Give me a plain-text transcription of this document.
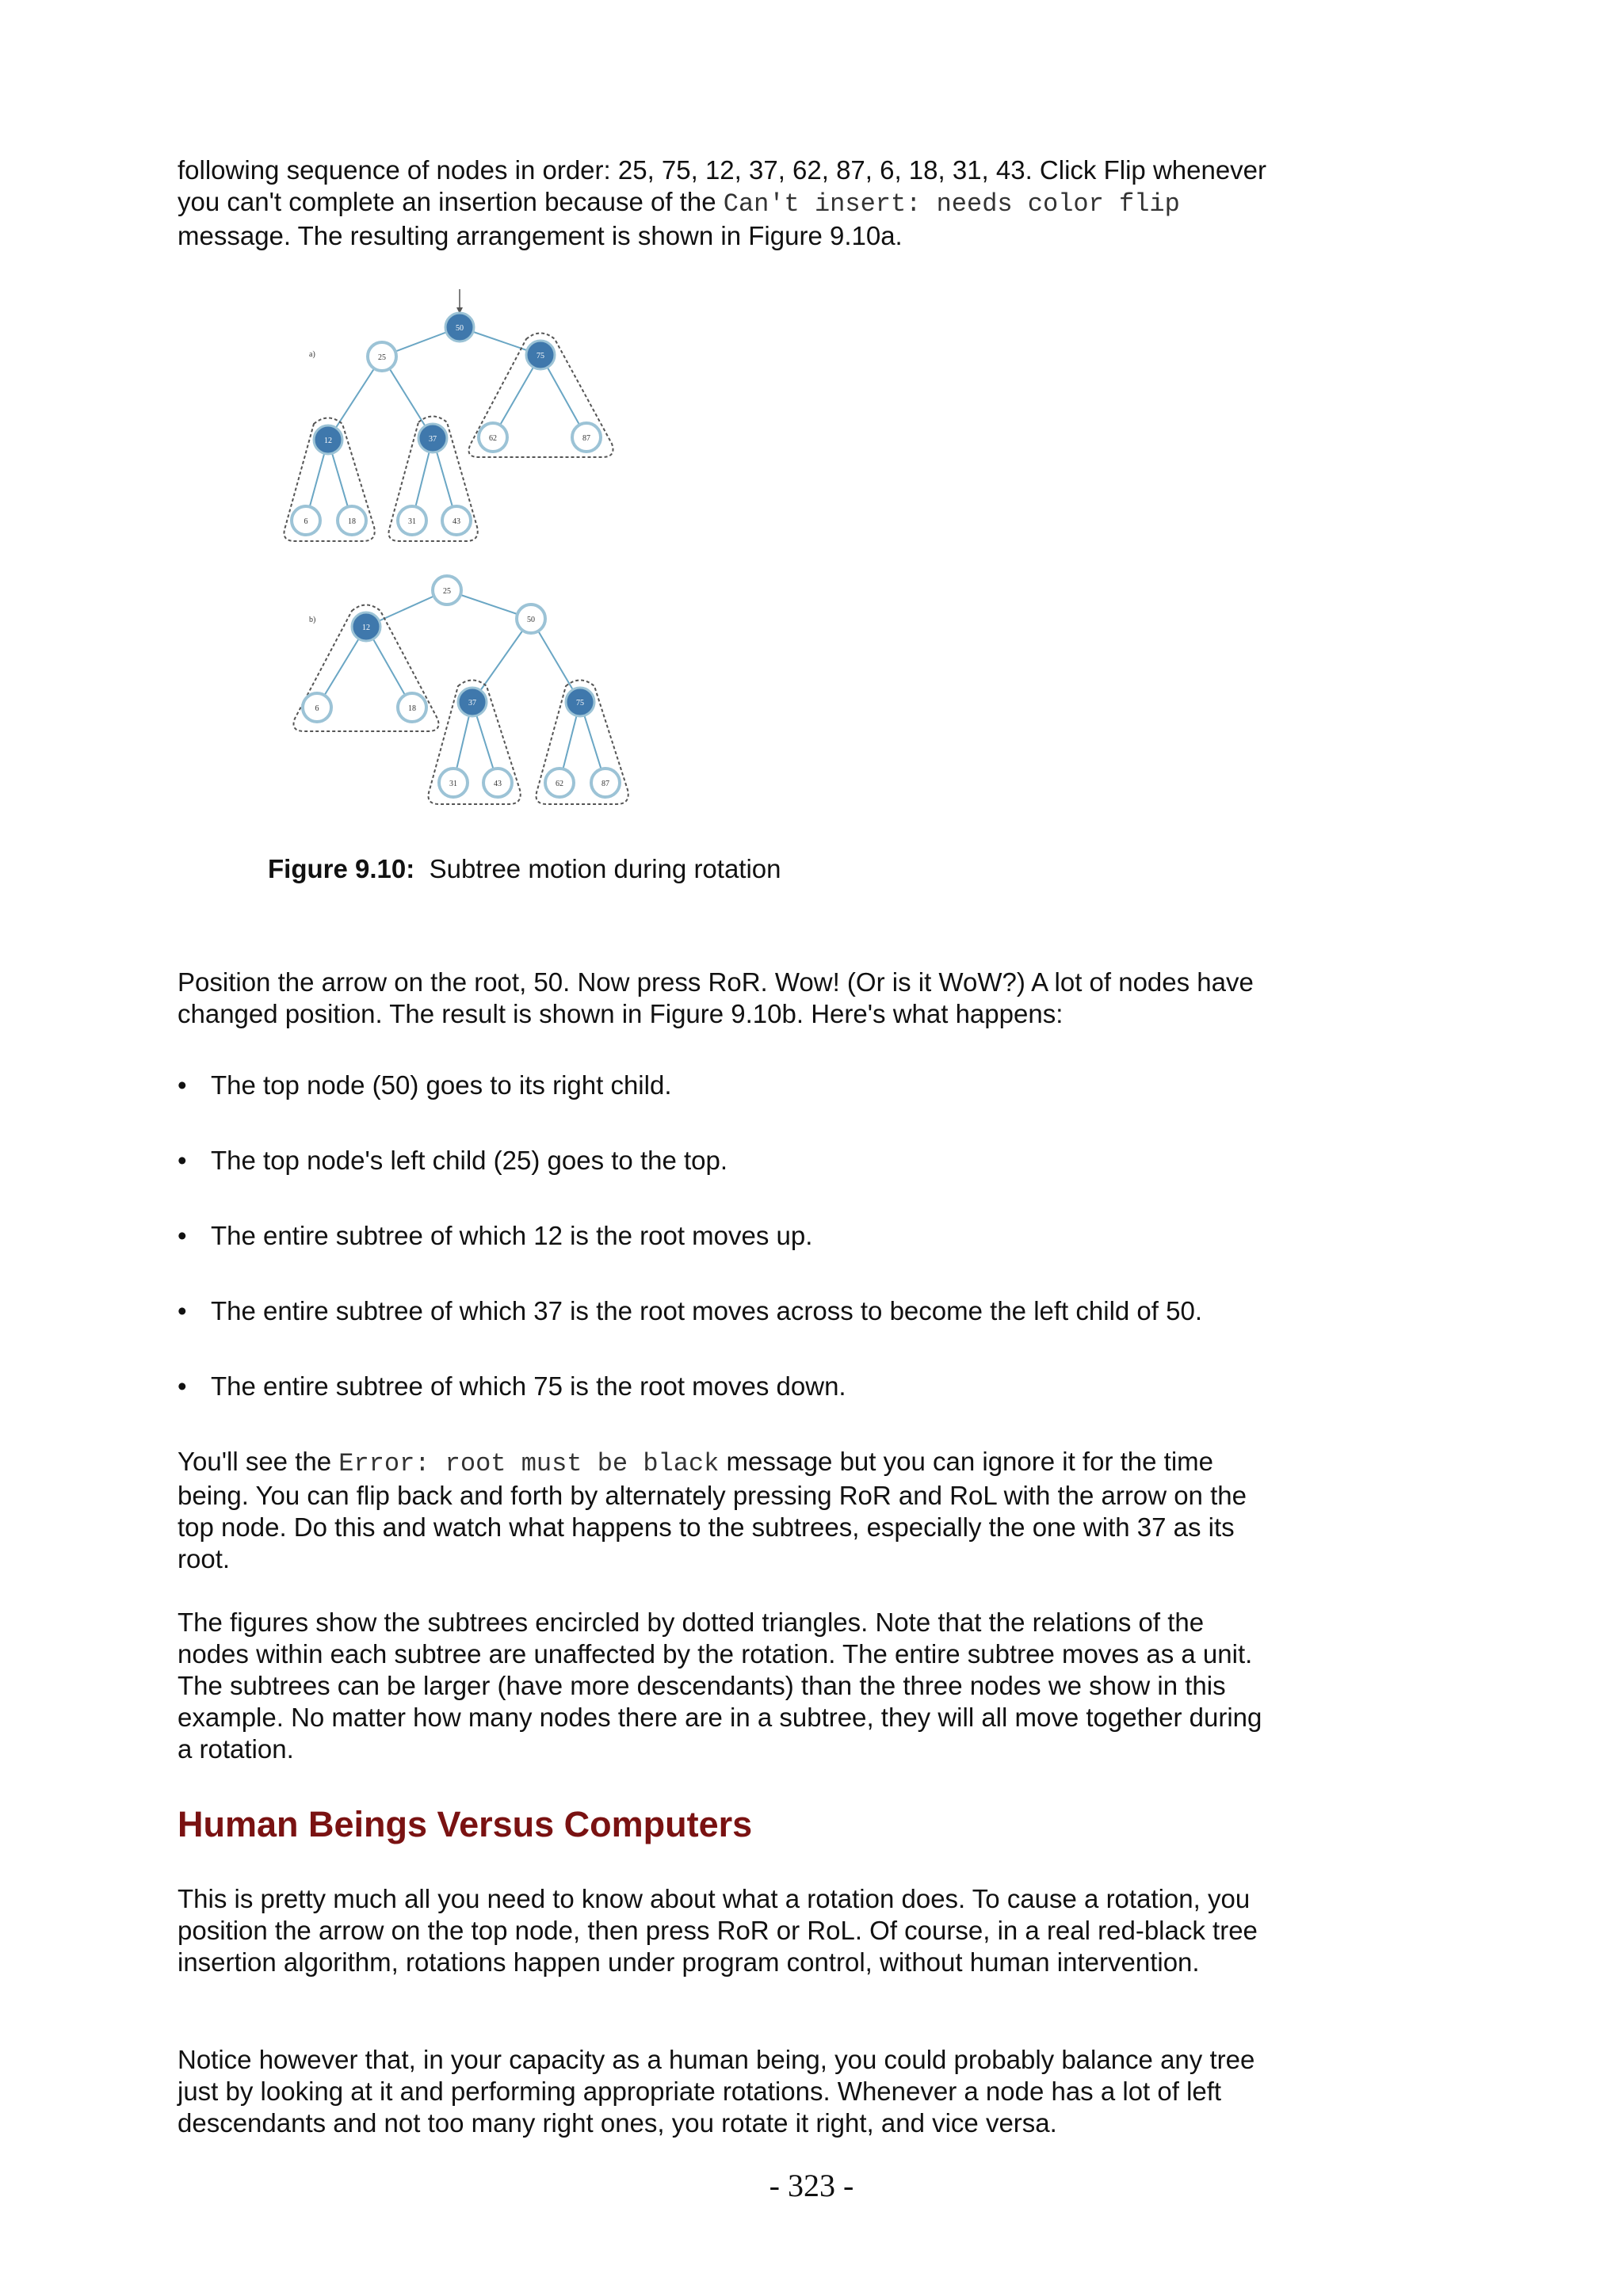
following sequence of nodes in order: 25, 75, 12, 37, 62, 87, 6, 18, 31, 43. Click Flip whenever you can't complete an insertion because of the Can't insert: needs color flip message. The resulting arrangement is shown in Figure 9.10a.

a)
b)
50
25	75
12	37	62	87
6	18	31	43
25
12
50
6	18
37	75
31	43	62	87
Figure 9.10: Subtree motion during rotation

Position the arrow on the root, 50. Now press RoR. Wow! (Or is it WoW?) A lot of nodes have changed position. The result is shown in Figure 9.10b. Here's what happens:

• The top node (50) goes to its right child.
• The top node's left child (25) goes to the top.
• The entire subtree of which 12 is the root moves up.
• The entire subtree of which 37 is the root moves across to become the left child of 50.
• The entire subtree of which 75 is the root moves down.

You'll see the Error: root must be black message but you can ignore it for the time being. You can flip back and forth by alternately pressing RoR and RoL with the arrow on the top node. Do this and watch what happens to the subtrees, especially the one with 37 as its root.

The figures show the subtrees encircled by dotted triangles. Note that the relations of the nodes within each subtree are unaffected by the rotation. The entire subtree moves as a unit. The subtrees can be larger (have more descendants) than the three nodes we show in this example. No matter how many nodes there are in a subtree, they will all move together during a rotation.

Human Beings Versus Computers

This is pretty much all you need to know about what a rotation does. To cause a rotation, you position the arrow on the top node, then press RoR or RoL. Of course, in a real red-black tree insertion algorithm, rotations happen under program control, without human intervention.

Notice however that, in your capacity as a human being, you could probably balance any tree just by looking at it and performing appropriate rotations. Whenever a node has a lot of left descendants and not too many right ones, you rotate it right, and vice versa.

- 323 -
